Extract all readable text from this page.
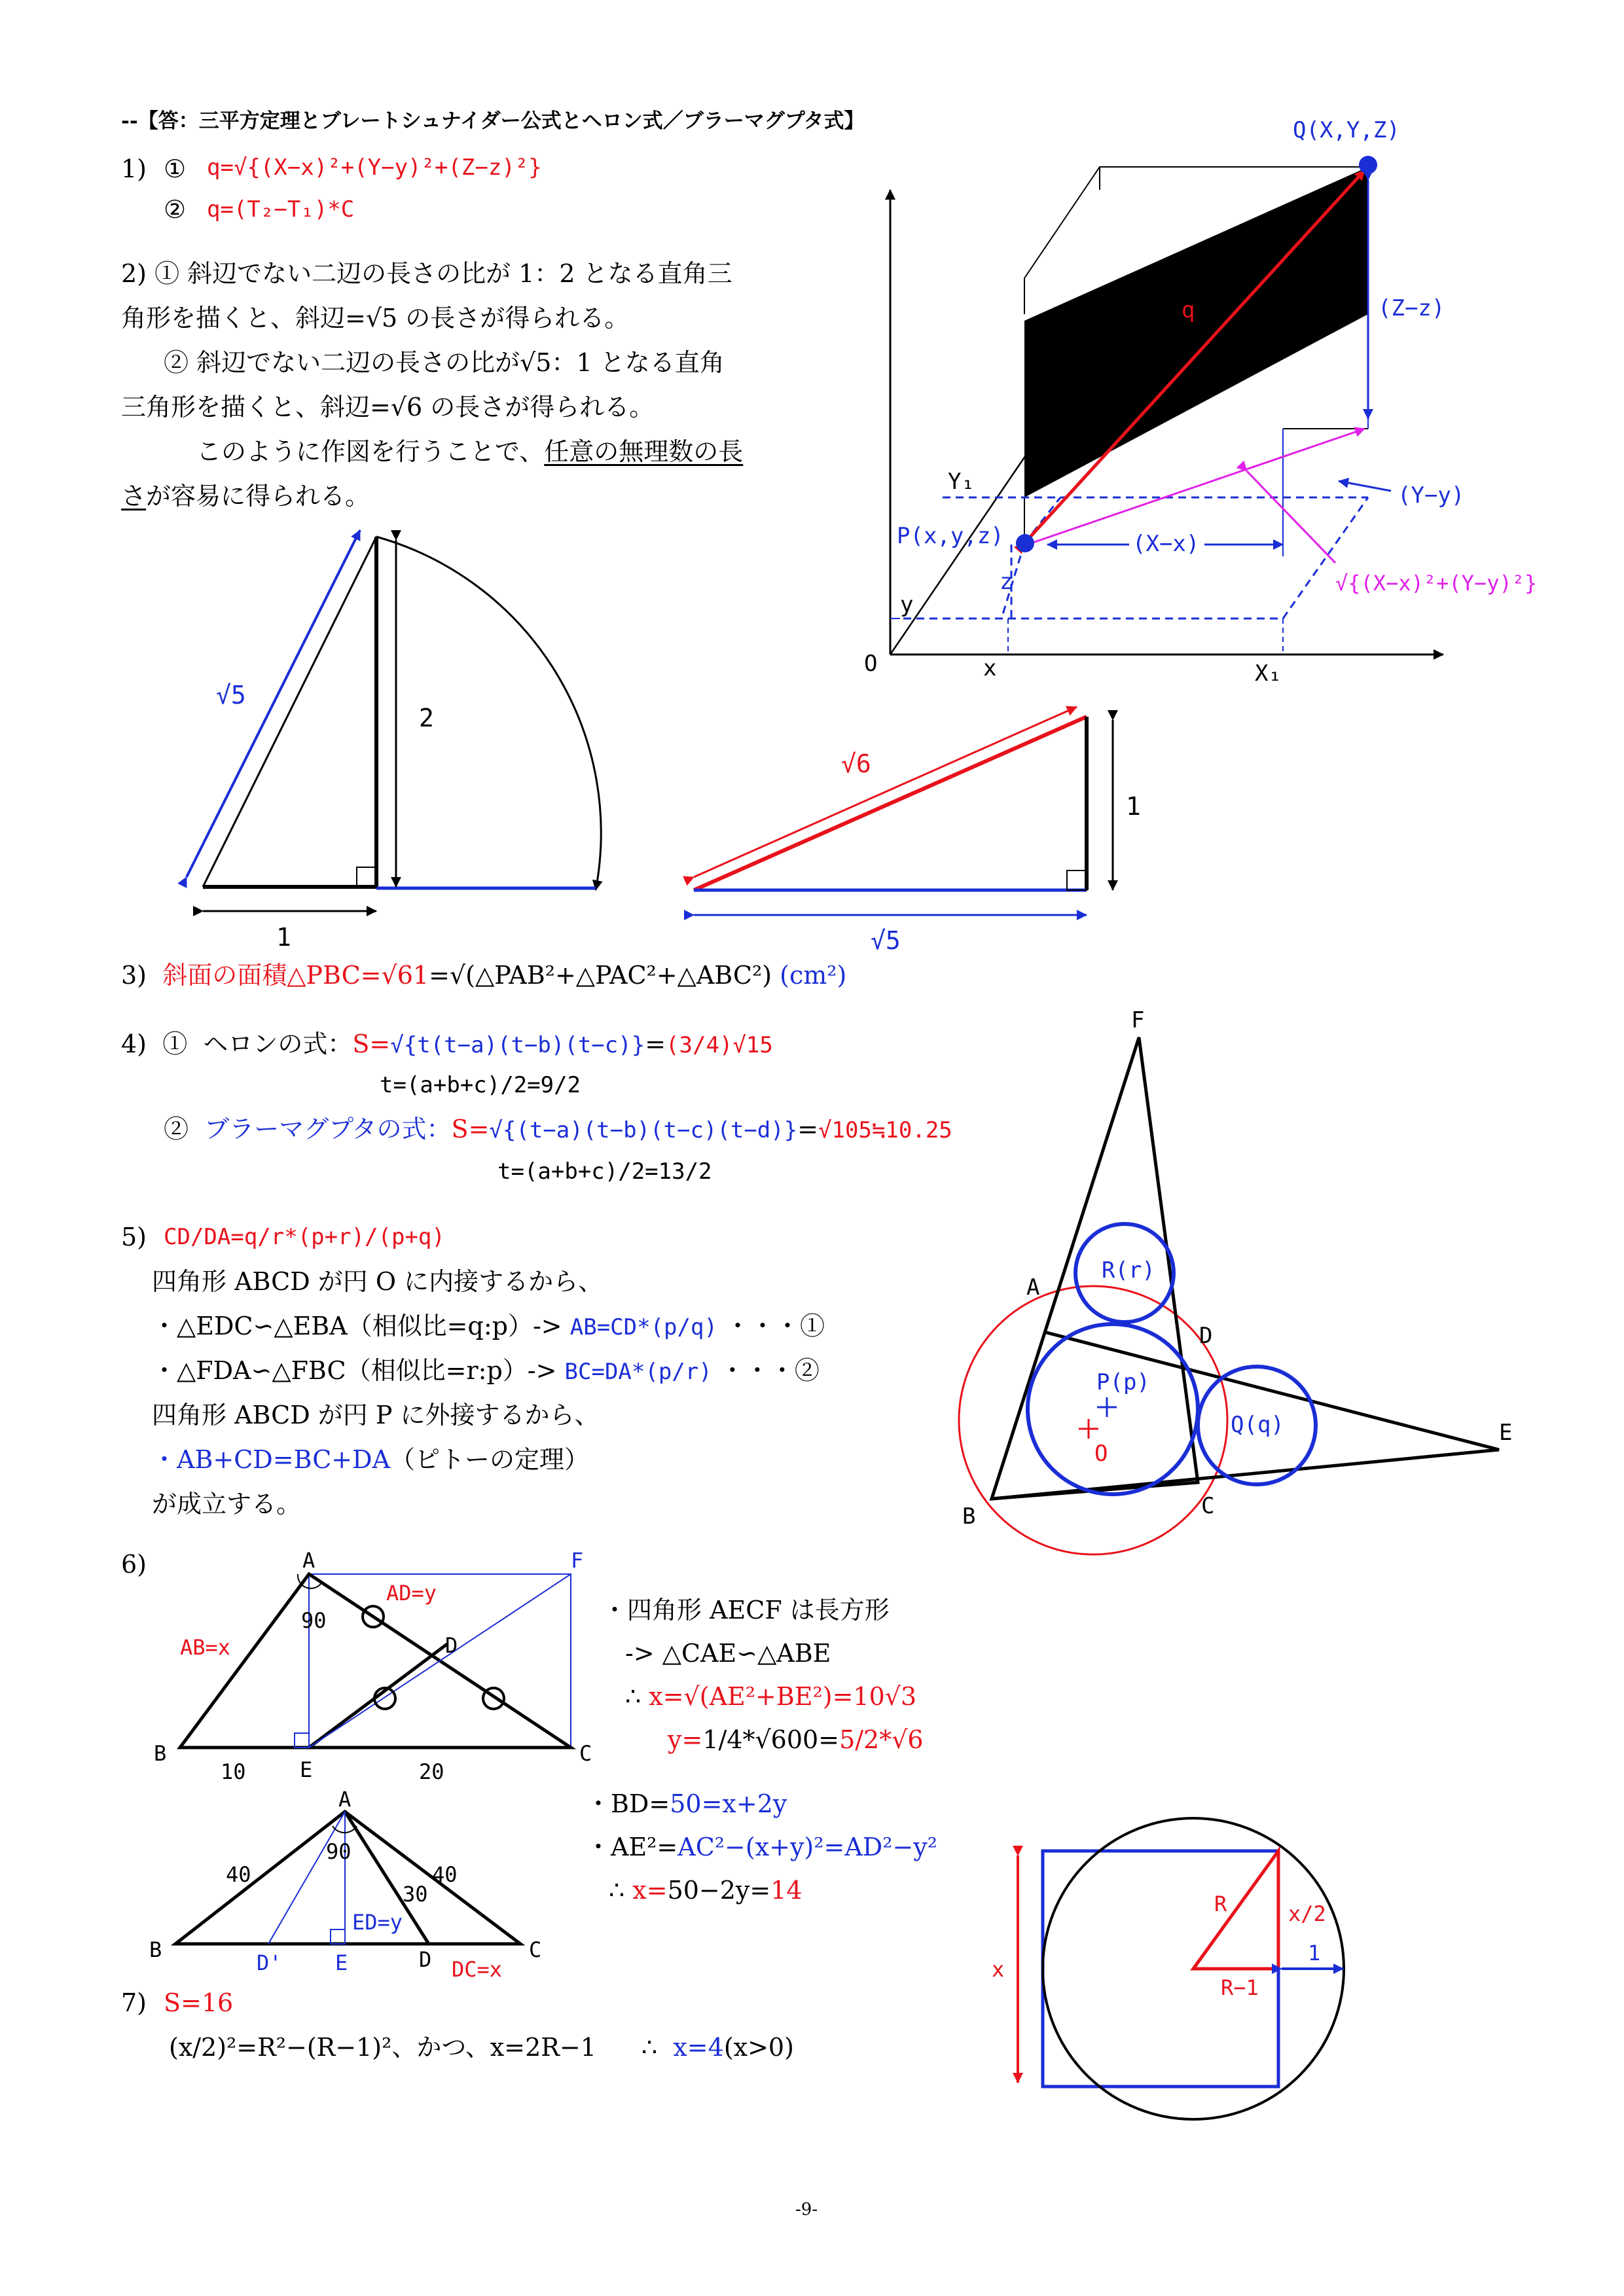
--【答：三平方定理とブレートシュナイダー公式とヘロン式／ブラーマグプタ式】
1) ① q=√{(X−x)²+(Y−y)²+(Z−z)²}
② q=(T₂−T₁)*C
2) ① 斜辺でない二辺の長さの比が 1：2 となる直角三
角形を描くと、斜辺=√5 の長さが得られる。
② 斜辺でない二辺の長さの比が√5：1 となる直角
三角形を描くと、斜辺=√6 の長さが得られる。
このように作図を行うことで、任意の無理数の長
さが容易に得られる。
3) 斜面の面積△PBC=√61=√(△PAB²+△PAC²+△ABC²) (cm²)
4) ① ヘロンの式：S=√{t(t−a)(t−b)(t−c)}=(3/4)√15
t=(a+b+c)/2=9/2
② ブラーマグプタの式：S=√{(t−a)(t−b)(t−c)(t−d)}=√105≒10.25
t=(a+b+c)/2=13/2
5) CD/DA=q/r*(p+r)/(p+q)
四角形 ABCD が円 O に内接するから、
・△EDC∽△EBA（相似比=q:p）-> AB=CD*(p/q) ・・・①
・△FDA∽△FBC（相似比=r:p）-> BC=DA*(p/r) ・・・②
四角形 ABCD が円 P に外接するから、
・AB+CD=BC+DA（ピトーの定理）
が成立する。
6)
・四角形 AECF は長方形
-> △CAE∽△ABE
∴ x=√(AE²+BE²)=10√3
y=1/4*√600=5/2*√6
・BD=50=x+2y
・AE²=AC²−(x+y)²=AD²−y²
∴ x=50−2y=14
7) S=16
(x/2)²=R²−(R−1)²、かつ、x=2R−1 ∴ x=4(x>0)
-9-
Q(X,Y,Z)
P(x,y,z)
q	(Z−z)
(Y−y)
(X−x)
√{(X−x)²+(Y−y)²}
Y₁
z
y
O	x	X₁
√5
2
1
√6
1
√5
F
A
D
E
B	C
R(r)
P(p)
O
Q(q)
A	F
AD=y
AB=x
90
D
B
E
C
10	20
A
40
90
40
30
ED=y
B
D'	E	D DC=x
C
R	x/2
1
R−1
x
